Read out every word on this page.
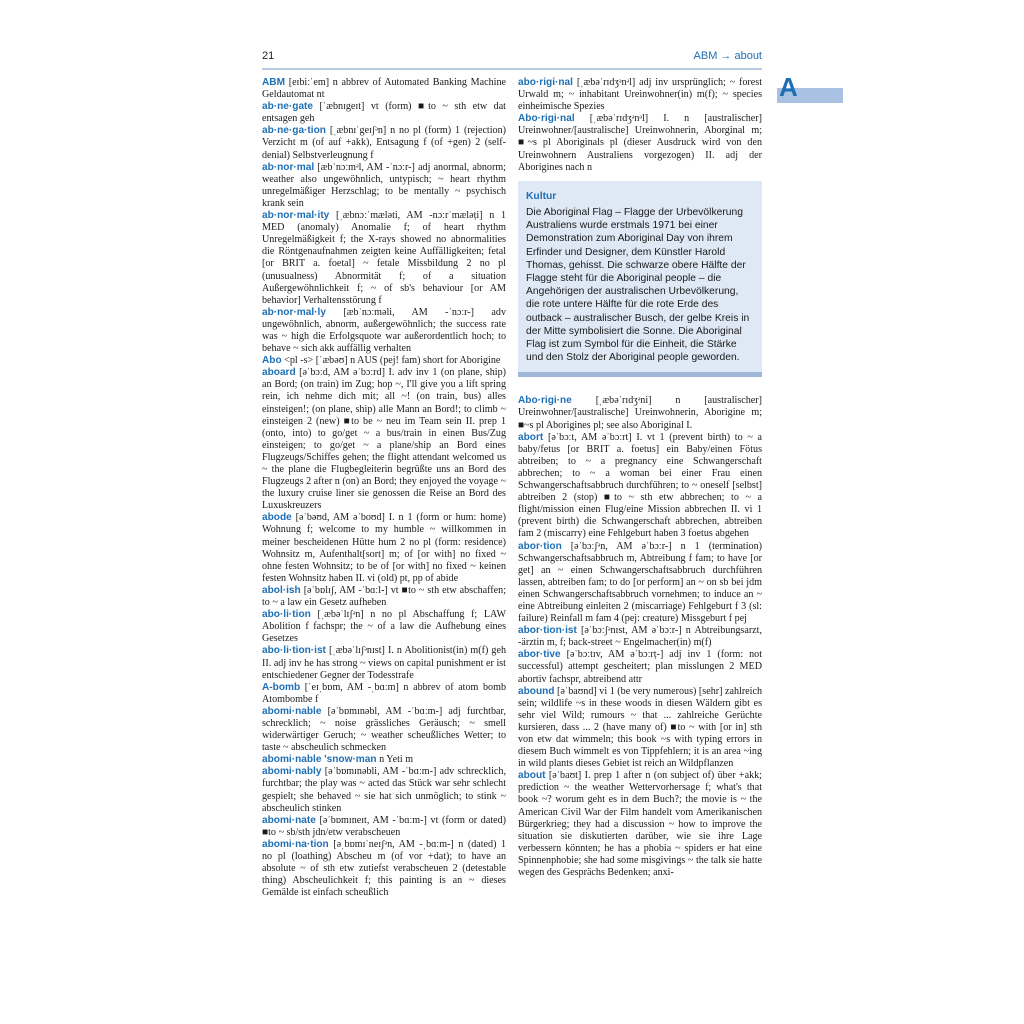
21	ABM → about
A

ABM [eɪbiːˈem] n abbrev of Automated Banking Machine Geldautomat nt

ab·ne·gate [ˈæbnɪgeɪt] vt (form) ■to ~ sth etw dat entsagen geh

ab·ne·ga·tion [ˌæbnɪˈgeɪʃᵊn] n no pl (form) 1 (rejection) Verzicht m (of auf +akk), Entsagung f (of +gen) 2 (self-denial) Selbstverleugnung f

ab·nor·mal [æbˈnɔːmᵊl, AM -ˈnɔːr-] adj anormal, abnorm; weather also ungewöhnlich, untypisch; ~ heart rhythm unregelmäßiger Herzschlag; to be mentally ~ psychisch krank sein

ab·nor·mal·ity [ˌæbnɔːˈmæləti, AM -nɔːrˈmæləṭi] n 1 MED (anomaly) Anomalie f; of heart rhythm Unregelmäßigkeit f; the X-rays showed no abnormalities die Röntgenaufnahmen zeigten keine Auffälligkeiten; fetal [or BRIT a. foetal] ~ fetale Missbildung 2 no pl (unusualness) Abnormität f; of a situation Außergewöhnlichkeit f; ~ of sb's behaviour [or AM behavior] Verhaltensstörung f

ab·nor·mal·ly [æbˈnɔːməli, AM -ˈnɔːr-] adv ungewöhnlich, abnorm, außergewöhnlich; the success rate was ~ high die Erfolgsquote war außerordentlich hoch; to behave ~ sich akk auffällig verhalten

Abo <pl -s> [ˈæbəʊ] n AUS (pej! fam) short for Aborigine

aboard [əˈbɔːd, AM əˈbɔːrd] I. adv inv 1 (on plane, ship) an Bord; (on train) im Zug; hop ~, I'll give you a lift spring rein, ich nehme dich mit; all ~! (on train, bus) alles einsteigen!; (on plane, ship) alle Mann an Bord!; to climb ~ einsteigen 2 (new) ■to be ~ neu im Team sein II. prep 1 (onto, into) to go/get ~ a bus/train in einen Bus/Zug einsteigen; to go/get ~ a plane/ship an Bord eines Flugzeugs/Schiffes gehen; the flight attendant welcomed us ~ the plane die Flugbegleiterin begrüßte uns an Bord des Flugzeugs 2 after n (on) an Bord; they enjoyed the voyage ~ the luxury cruise liner sie genossen die Reise an Bord des Luxuskreuzers

abode [əˈbəʊd, AM əˈboʊd] I. n 1 (form or hum: home) Wohnung f; welcome to my humble ~ willkommen in meiner bescheidenen Hütte hum 2 no pl (form: residence) Wohnsitz m, Aufenthalt[sort] m; of [or with] no fixed ~ ohne festen Wohnsitz; to be of [or with] no fixed ~ keinen festen Wohnsitz haben II. vi (old) pt, pp of abide

abol·ish [əˈbɒlɪʃ, AM -ˈbɑːl-] vt ■to ~ sth etw abschaffen; to ~ a law ein Gesetz aufheben

abo·li·tion [ˌæbəˈlɪʃᵊn] n no pl Abschaffung f; LAW Abolition f fachspr; the ~ of a law die Aufhebung eines Gesetzes

abo·li·tion·ist [ˌæbəˈlɪʃᵊnɪst] I. n Abolitionist(in) m(f) geh II. adj inv he has strong ~ views on capital punishment er ist entschiedener Gegner der Todesstrafe

A-bomb [ˈeɪˌbɒm, AM -ˌbɑːm] n abbrev of atom bomb Atombombe f

abomi·nable [əˈbɒmɪnəbl, AM -ˈbɑːm-] adj furchtbar, schrecklich; ~ noise grässliches Geräusch; ~ smell widerwärtiger Geruch; ~ weather scheußliches Wetter; to taste ~ abscheulich schmecken

abomi·nable 'snow·man n Yeti m

abomi·nably [əˈbɒmɪnəbli, AM -ˈbɑːm-] adv schrecklich, furchtbar; the play was ~ acted das Stück war sehr schlecht gespielt; she behaved ~ sie hat sich unmöglich; to stink ~ abscheulich stinken

abomi·nate [əˈbɒmɪneɪt, AM -ˈbɑːm-] vt (form or dated) ■to ~ sb/sth jdn/etw verabscheuen

abomi·na·tion [əˌbɒmɪˈneɪʃᵊn, AM -ˌbɑːm-] n (dated) 1 no pl (loathing) Abscheu m (of vor +dat); to have an absolute ~ of sth etw zutiefst verabscheuen 2 (detestable thing) Abscheulichkeit f; this painting is an ~ dieses Gemälde ist einfach scheußlich

abo·rigi·nal [ˌæbəˈrɪdʒᵊnᵊl] adj inv ursprünglich; ~ forest Urwald m; ~ inhabitant Ureinwohner(in) m(f); ~ species einheimische Spezies

Abo·rigi·nal [ˌæbəˈrɪdʒᵊnᵊl] I. n [australischer] Ureinwohner/[australische] Ureinwohnerin, Aborginal m; ■~s pl Aboriginals pl (dieser Ausdruck wird von den Ureinwohnern Australiens vorgezogen) II. adj der Aborigines nach n

Kultur
Die Aboriginal Flag – Flagge der Urbevölkerung Australiens wurde erstmals 1971 bei einer Demonstration zum Aboriginal Day von ihrem Erfinder und Designer, dem Künstler Harold Thomas, gehisst. Die schwarze obere Hälfte der Flagge steht für die Aboriginal people – die Angehörigen der australischen Urbevölkerung, die rote untere Hälfte für die rote Erde des outback – australischer Busch, der gelbe Kreis in der Mitte symbolisiert die Sonne. Die Aboriginal Flag ist zum Symbol für die Einheit, die Stärke und den Stolz der Aboriginal people geworden.

Abo·rigi·ne [ˌæbəˈrɪdʒᵊni] n [australischer] Ureinwohner/[australische] Ureinwohnerin, Aborigine m; ■~s pl Aborigines pl; see also Aboriginal I.

abort [əˈbɔːt, AM əˈbɔːrt] I. vt 1 (prevent birth) to ~ a baby/fetus [or BRIT a. foetus] ein Baby/einen Fötus abtreiben; to ~ a pregnancy eine Schwangerschaft abbrechen; to ~ a woman bei einer Frau einen Schwangerschaftsabbruch durchführen; to ~ oneself [selbst] abtreiben 2 (stop) ■to ~ sth etw abbrechen; to ~ a flight/mission einen Flug/eine Mission abbrechen II. vi 1 (prevent birth) die Schwangerschaft abbrechen, abtreiben fam 2 (miscarry) eine Fehlgeburt haben 3 foetus abgehen

abor·tion [əˈbɔːʃᵊn, AM əˈbɔːr-] n 1 (termination) Schwangerschaftsabbruch m, Abtreibung f fam; to have [or get] an ~ einen Schwangerschaftsabbruch durchführen lassen, abtreiben fam; to do [or perform] an ~ on sb bei jdm einen Schwangerschaftsabbruch vornehmen; to induce an ~ eine Abtreibung einleiten 2 (miscarriage) Fehlgeburt f 3 (sl: failure) Reinfall m fam 4 (pej: creature) Missgeburt f pej

abor·tion·ist [əˈbɔːʃᵊnɪst, AM əˈbɔːr-] n Abtreibungsarzt, -ärztin m, f; back-street ~ Engelmacher(in) m(f)

abor·tive [əˈbɔːtɪv, AM əˈbɔːrṭ-] adj inv 1 (form: not successful) attempt gescheitert; plan misslungen 2 MED abortiv fachspr, abtreibend attr

abound [əˈbaʊnd] vi 1 (be very numerous) [sehr] zahlreich sein; wildlife ~s in these woods in diesen Wäldern gibt es sehr viel Wild; rumours ~ that ... zahlreiche Gerüchte kursieren, dass ... 2 (have many of) ■to ~ with [or in] sth von etw dat wimmeln; this book ~s with typing errors in diesem Buch wimmelt es von Tippfehlern; it is an area ~ing in wild plants dieses Gebiet ist reich an Wildpflanzen

about [əˈbaʊt] I. prep 1 after n (on subject of) über +akk; prediction ~ the weather Wettervorhersage f; what's that book ~? worum geht es in dem Buch?; the movie is ~ the American Civil War der Film handelt vom Amerikanischen Bürgerkrieg; they had a discussion ~ how to improve the situation sie diskutierten darüber, wie sie ihre Lage verbessern könnten; he has a phobia ~ spiders er hat eine Spinnenphobie; she had some misgivings ~ the talk sie hatte wegen des Gesprächs Bedenken; anxi-
